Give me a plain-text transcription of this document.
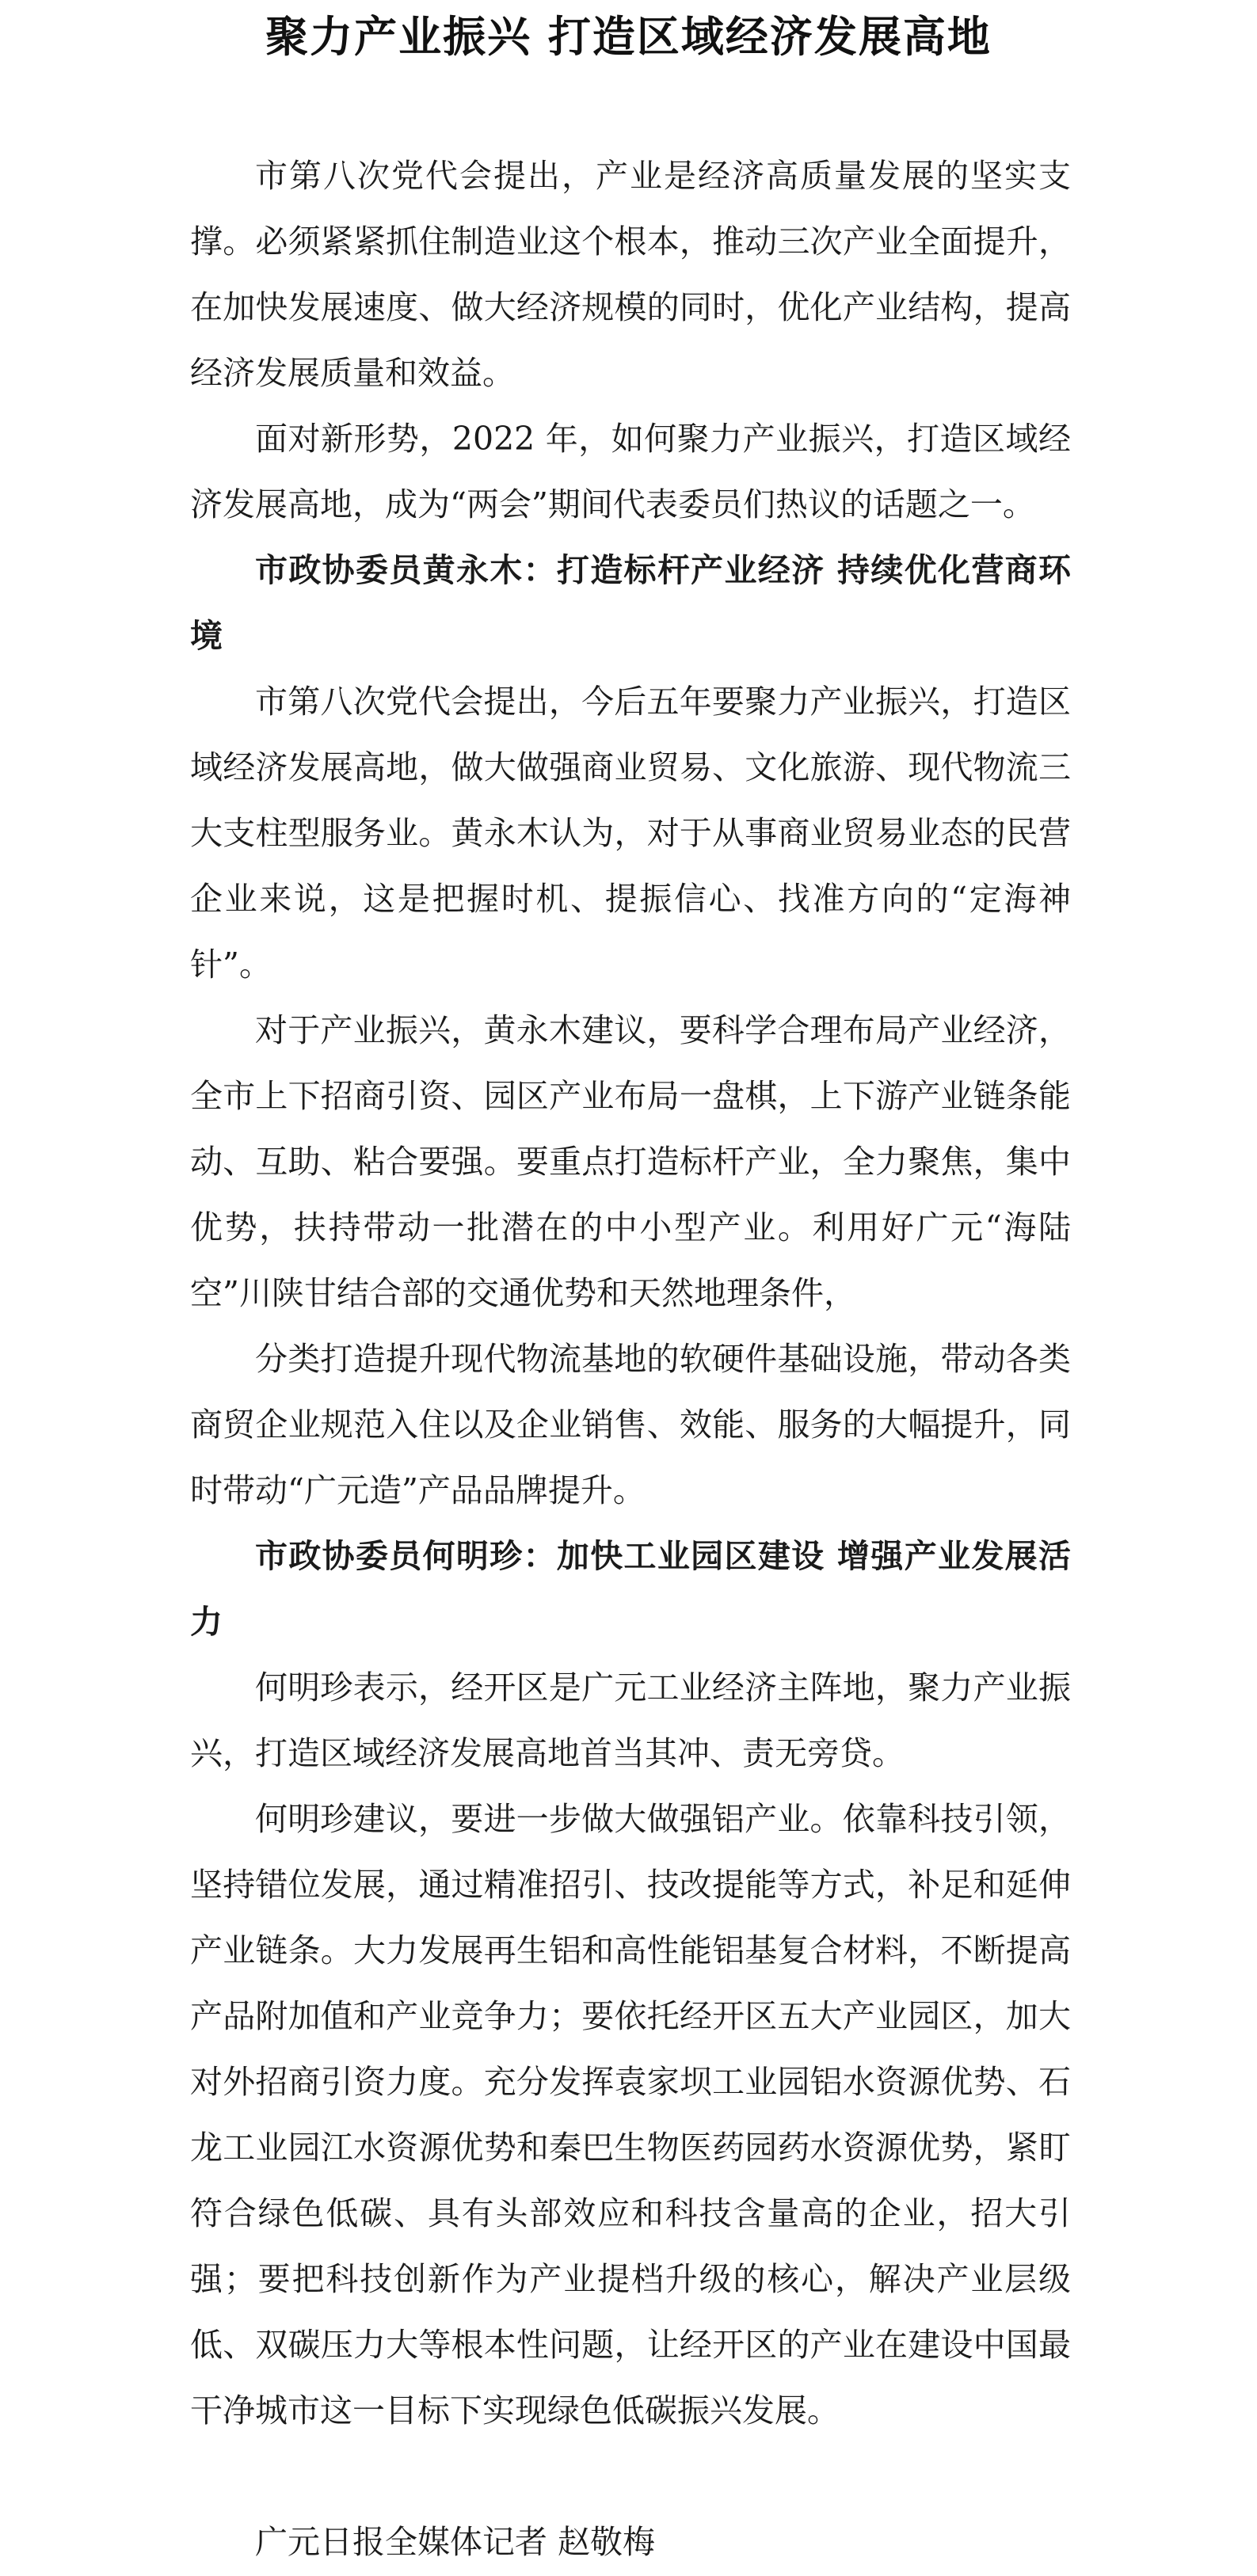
聚力产业振兴 打造区域经济发展高地

市第八次党代会提出，产业是经济高质量发展的坚实支撑。必须紧紧抓住制造业这个根本，推动三次产业全面提升，在加快发展速度、做大经济规模的同时，优化产业结构，提高经济发展质量和效益。

面对新形势，2022 年，如何聚力产业振兴，打造区域经济发展高地，成为“两会”期间代表委员们热议的话题之一。

市政协委员黄永木：打造标杆产业经济 持续优化营商环境

市第八次党代会提出，今后五年要聚力产业振兴，打造区域经济发展高地，做大做强商业贸易、文化旅游、现代物流三大支柱型服务业。黄永木认为，对于从事商业贸易业态的民营企业来说，这是把握时机、提振信心、找准方向的“定海神针”。

对于产业振兴，黄永木建议，要科学合理布局产业经济，全市上下招商引资、园区产业布局一盘棋，上下游产业链条能动、互助、粘合要强。要重点打造标杆产业，全力聚焦，集中优势，扶持带动一批潜在的中小型产业。利用好广元“海陆空”川陕甘结合部的交通优势和天然地理条件，

分类打造提升现代物流基地的软硬件基础设施，带动各类商贸企业规范入住以及企业销售、效能、服务的大幅提升，同时带动“广元造”产品品牌提升。

市政协委员何明珍：加快工业园区建设 增强产业发展活力

何明珍表示，经开区是广元工业经济主阵地，聚力产业振兴，打造区域经济发展高地首当其冲、责无旁贷。

何明珍建议，要进一步做大做强铝产业。依靠科技引领，坚持错位发展，通过精准招引、技改提能等方式，补足和延伸产业链条。大力发展再生铝和高性能铝基复合材料，不断提高产品附加值和产业竞争力；要依托经开区五大产业园区，加大对外招商引资力度。充分发挥袁家坝工业园铝水资源优势、石龙工业园江水资源优势和秦巴生物医药园药水资源优势，紧盯符合绿色低碳、具有头部效应和科技含量高的企业，招大引强；要把科技创新作为产业提档升级的核心，解决产业层级低、双碳压力大等根本性问题，让经开区的产业在建设中国最干净城市这一目标下实现绿色低碳振兴发展。

广元日报全媒体记者 赵敬梅
